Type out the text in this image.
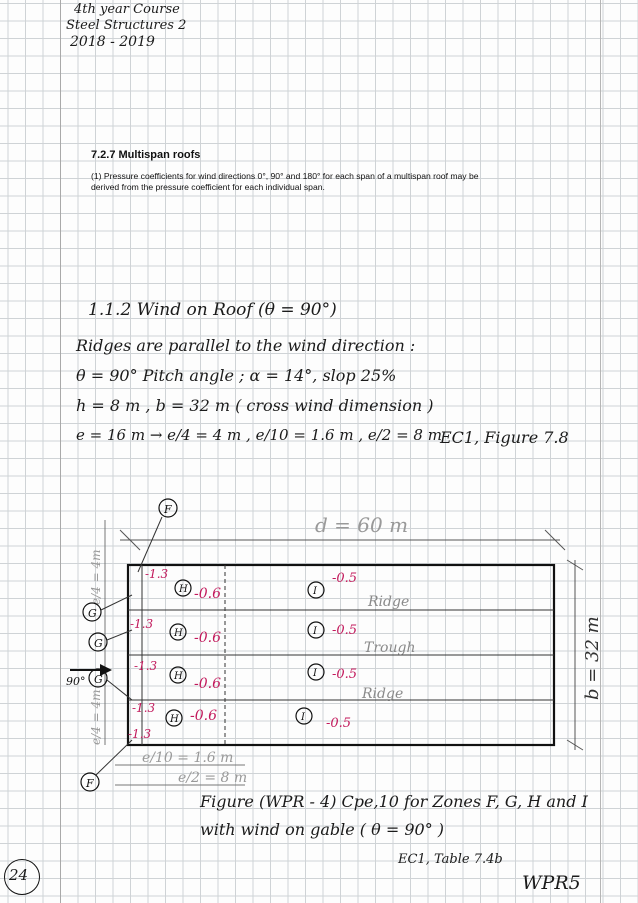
4th year Course
Steel Structures 2
2018 - 2019
7.2.7 Multispan roofs
(1) Pressure coefficients for wind directions 0°, 90° and 180° for each span of a multispan roof may be
derived from the pressure coefficient for each individual span.
1.1.2 Wind on Roof (θ = 90°)
Ridges are parallel to the wind direction :
θ = 90° Pitch angle ; α = 14°, slop 25%
h = 8 m , b = 32 m ( cross wind dimension )
e = 16 m → e/4 = 4 m , e/10 = 1.6 m , e/2 = 8 m
EC1, Figure 7.8
d = 60 m
b = 32 m
e/4 = 4m
e/4 = 4m
e/10 = 1.6 m
e/2 = 8 m
90°
F
F
G
G
G
-1.3
-1.3
-1.3
-1.3
-1.3
H -0.6
H -0.6
H -0.6
H -0.6
I
-0.5
I -0.5
I -0.5
I -0.5
Ridge
Trough
Ridge
Figure (WPR - 4) Cpe,10 for Zones F, G, H and I
with wind on gable ( θ = 90° )
EC1, Table 7.4b
24	WPR5
